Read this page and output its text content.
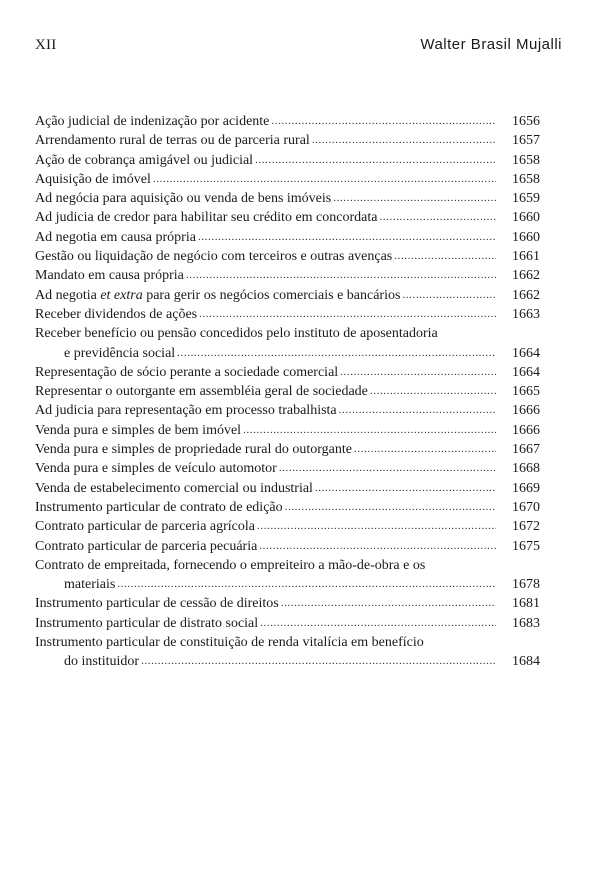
XII	Walter Brasil Mujalli
Ação judicial de indenização por acidente .....	1656
Arrendamento rural de terras ou de parceria rural .....	1657
Ação de cobrança amigável ou judicial .....	1658
Aquisição de imóvel .....	1658
Ad negócia para aquisição ou venda de bens imóveis .....	1659
Ad judicia de credor para habilitar seu crédito em concordata .....	1660
Ad negotia em causa própria .....	1660
Gestão ou liquidação de negócio com terceiros e outras avenças .....	1661
Mandato em causa própria .....	1662
Ad negotia et extra para gerir os negócios comerciais e bancários .....	1662
Receber dividendos de ações .....	1663
Receber benefício ou pensão concedidos pelo instituto de aposentadoria
e previdência social .....	1664
Representação de sócio perante a sociedade comercial .....	1664
Representar o outorgante em assembléia geral de sociedade .....	1665
Ad judicia para representação em processo trabalhista .....	1666
Venda pura e simples de bem imóvel .....	1666
Venda pura e simples de propriedade rural do outorgante .....	1667
Venda pura e simples de veículo automotor .....	1668
Venda de estabelecimento comercial ou industrial .....	1669
Instrumento particular de contrato de edição .....	1670
Contrato particular de parceria agrícola .....	1672
Contrato particular de parceria pecuária .....	1675
Contrato de empreitada, fornecendo o empreiteiro a mão-de-obra e os
materiais .....	1678
Instrumento particular de cessão de direitos .....	1681
Instrumento particular de distrato social .....	1683
Instrumento particular de constituição de renda vitalícia em benefício
do instituidor .....	1684
